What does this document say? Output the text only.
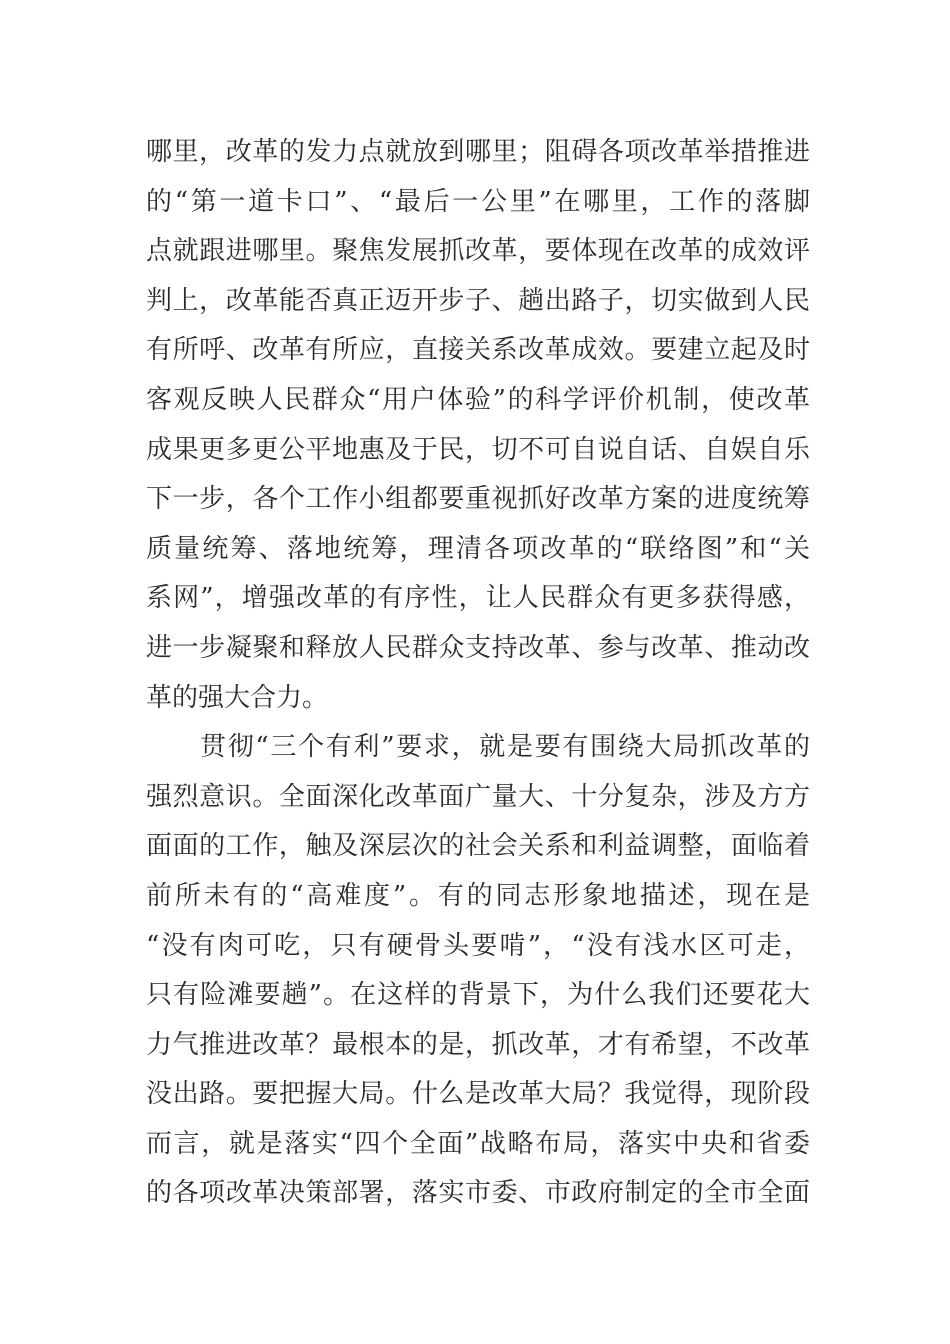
哪里，改革的发力点就放到哪里；阻碍各项改革举措推进
的“第一道卡口”、“最后一公里”在哪里，工作的落脚
点就跟进哪里。聚焦发展抓改革，要体现在改革的成效评
判上，改革能否真正迈开步子、趟出路子，切实做到人民
有所呼、改革有所应，直接关系改革成效。要建立起及时
客观反映人民群众“用户体验”的科学评价机制，使改革
成果更多更公平地惠及于民，切不可自说自话、自娱自乐
下一步，各个工作小组都要重视抓好改革方案的进度统筹
质量统筹、落地统筹，理清各项改革的“联络图”和“关
系网”，增强改革的有序性，让人民群众有更多获得感，
进一步凝聚和释放人民群众支持改革、参与改革、推动改
革的强大合力。
贯彻“三个有利”要求，就是要有围绕大局抓改革的
强烈意识。全面深化改革面广量大、十分复杂，涉及方方
面面的工作，触及深层次的社会关系和利益调整，面临着
前所未有的“高难度”。有的同志形象地描述，现在是
“没有肉可吃，只有硬骨头要啃”，“没有浅水区可走，
只有险滩要趟”。在这样的背景下，为什么我们还要花大
力气推进改革？最根本的是，抓改革，才有希望，不改革
没出路。要把握大局。什么是改革大局？我觉得，现阶段
而言，就是落实“四个全面”战略布局，落实中央和省委
的各项改革决策部署，落实市委、市政府制定的全市全面
